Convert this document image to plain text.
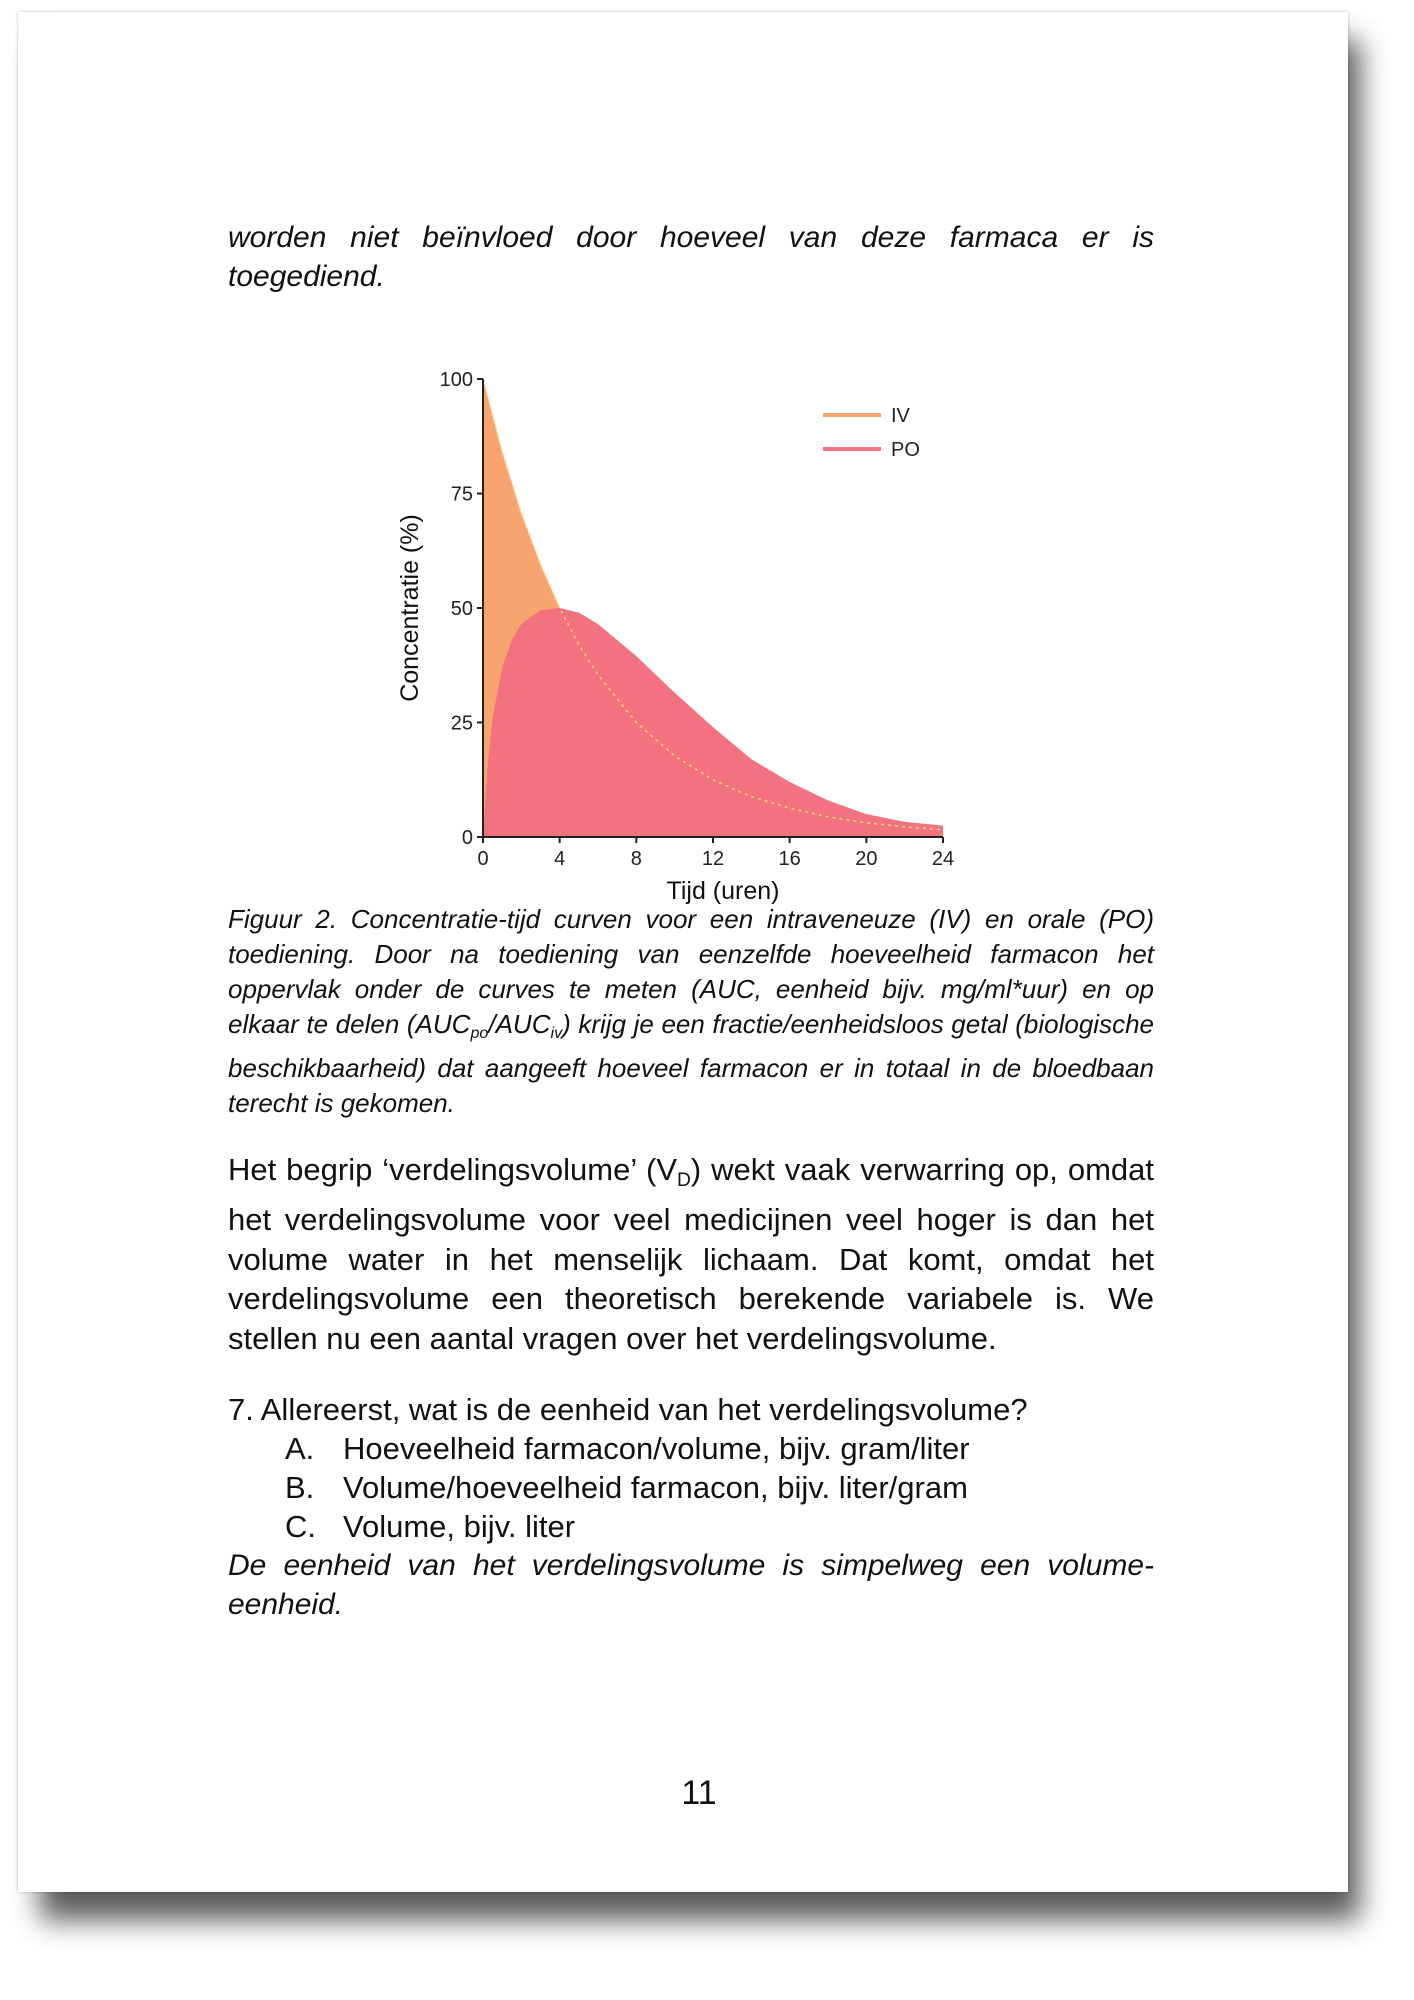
worden niet beïnvloed door hoeveel van deze farmaca er is toegediend.
0
25
50
75
100
0	4	8	12	16	20	24
Tijd (uren)
Concentratie (%)
IV
PO
Figuur 2. Concentratie-tijd curven voor een intraveneuze (IV) en orale (PO) toediening. Door na toediening van eenzelfde hoeveelheid farmacon het oppervlak onder de curves te meten (AUC, eenheid bijv. mg/ml*uur) en op elkaar te delen $(AUC_{po}/AUC_{iv})$ krijg je een fractie/eenheidsloos getal (biologische beschikbaarheid) dat aangeeft hoeveel farmacon er in totaal in de bloedbaan terecht is gekomen.
Het begrip ‘verdelingsvolume’ $(V_D)$ wekt vaak verwarring op, omdat het verdelingsvolume voor veel medicijnen veel hoger is dan het volume water in het menselijk lichaam. Dat komt, omdat het verdelingsvolume een theoretisch berekende variabele is. We stellen nu een aantal vragen over het verdelingsvolume.
7. Allereerst, wat is de eenheid van het verdelingsvolume?
A. Hoeveelheid farmacon/volume, bijv. gram/liter
B. Volume/hoeveelheid farmacon, bijv. liter/gram
C. Volume, bijv. liter
De eenheid van het verdelingsvolume is simpelweg een volume-eenheid.
11
